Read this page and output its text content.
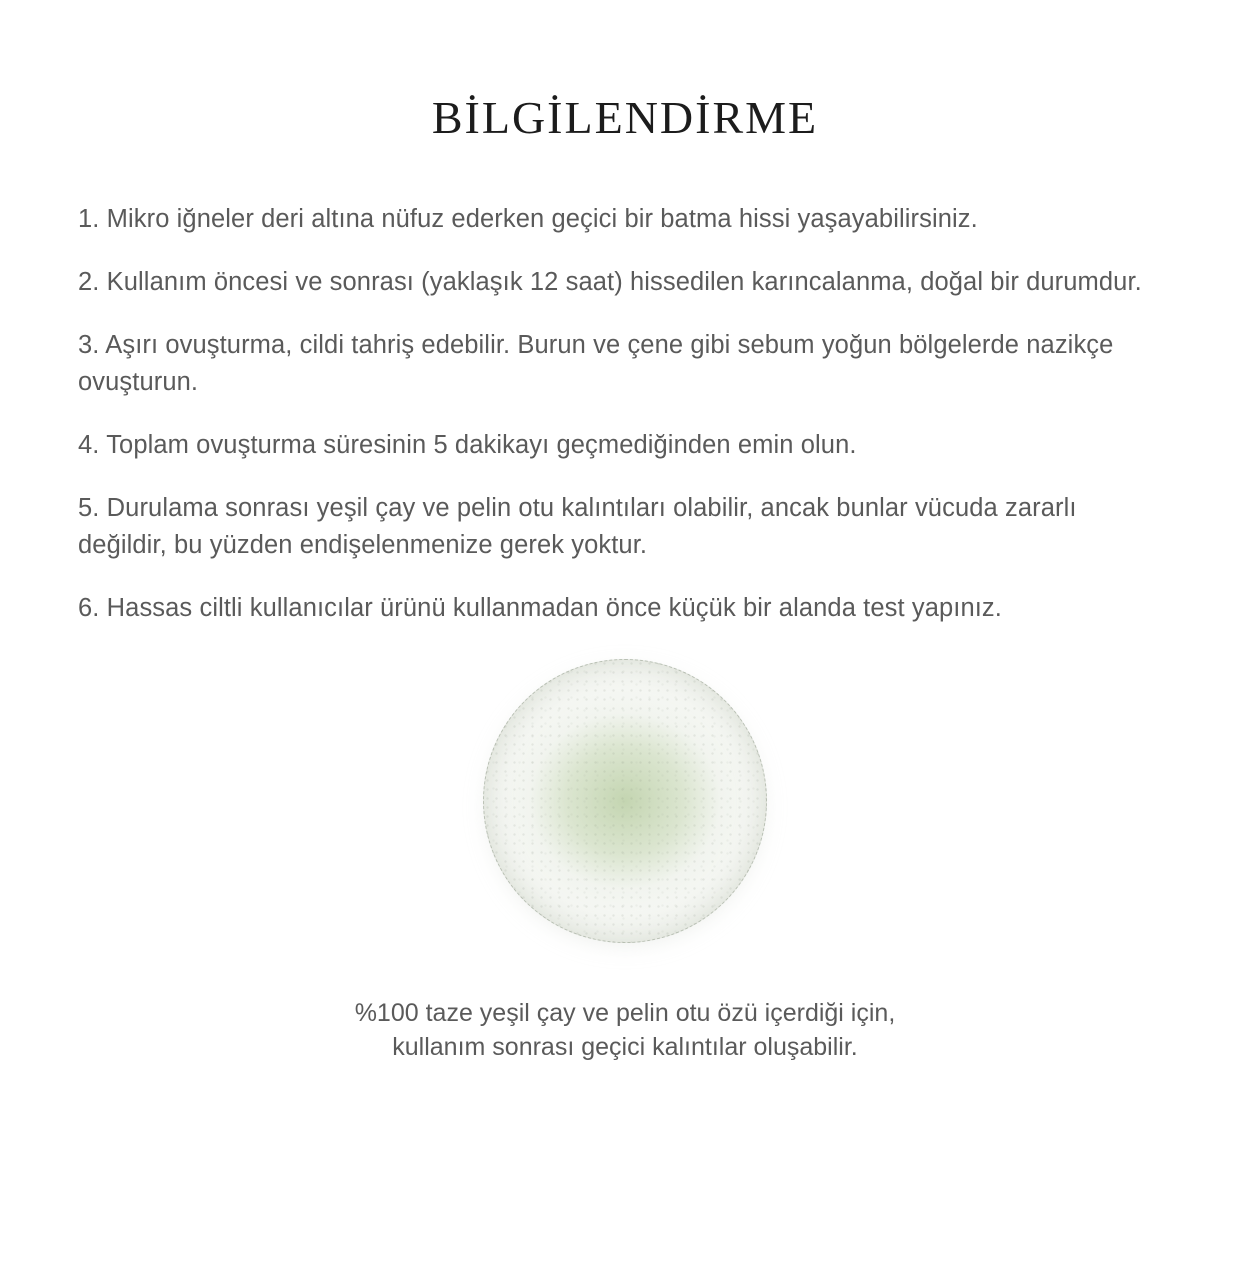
BİLGİLENDİRME
1. Mikro iğneler deri altına nüfuz ederken geçici bir batma hissi yaşayabilirsiniz.
2. Kullanım öncesi ve sonrası (yaklaşık 12 saat) hissedilen karıncalanma, doğal bir durumdur.
3. Aşırı ovuşturma, cildi tahriş edebilir. Burun ve çene gibi sebum yoğun bölgelerde nazikçe ovuşturun.
4. Toplam ovuşturma süresinin 5 dakikayı geçmediğinden emin olun.
5. Durulama sonrası yeşil çay ve pelin otu kalıntıları olabilir, ancak bunlar vücuda zararlı değildir, bu yüzden endişelenmenize gerek yoktur.
6. Hassas ciltli kullanıcılar ürünü kullanmadan önce küçük bir alanda test yapınız.
%100 taze yeşil çay ve pelin otu özü içerdiği için,
kullanım sonrası geçici kalıntılar oluşabilir.
